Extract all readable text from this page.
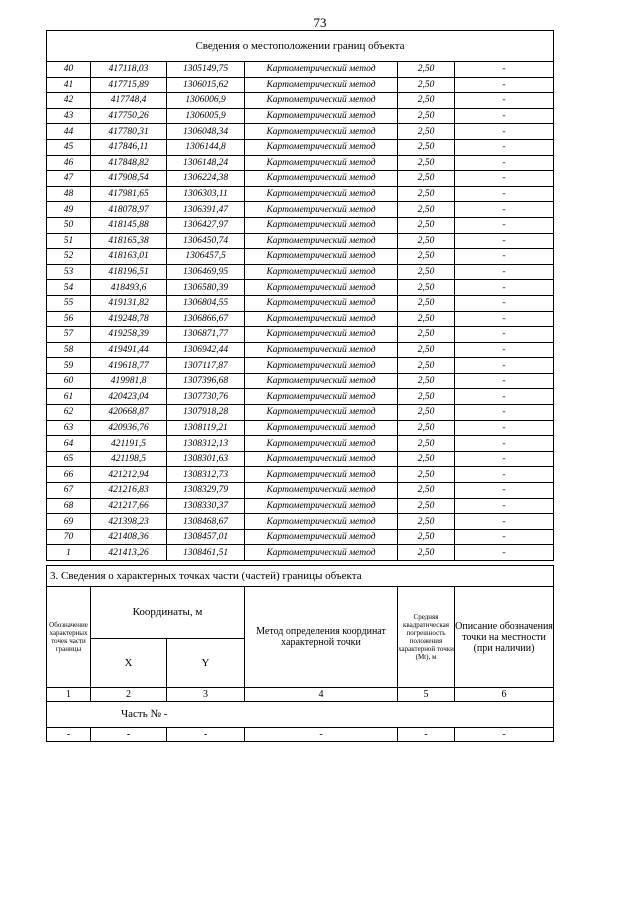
73
Сведения о местоположении границ объекта					
40	417118,03	1305149,75	Картометрический метод	2,50	-
41	417715,89	1306015,62	Картометрический метод	2,50	-
42	417748,4	1306006,9	Картометрический метод	2,50	-
43	417750,26	1306005,9	Картометрический метод	2,50	-
44	417780,31	1306048,34	Картометрический метод	2,50	-
45	417846,11	1306144,8	Картометрический метод	2,50	-
46	417848,82	1306148,24	Картометрический метод	2,50	-
47	417908,54	1306224,38	Картометрический метод	2,50	-
48	417981,65	1306303,11	Картометрический метод	2,50	-
49	418078,97	1306391,47	Картометрический метод	2,50	-
50	418145,88	1306427,97	Картометрический метод	2,50	-
51	418165,38	1306450,74	Картометрический метод	2,50	-
52	418163,01	1306457,5	Картометрический метод	2,50	-
53	418196,51	1306469,95	Картометрический метод	2,50	-
54	418493,6	1306580,39	Картометрический метод	2,50	-
55	419131,82	1306804,55	Картометрический метод	2,50	-
56	419248,78	1306866,67	Картометрический метод	2,50	-
57	419258,39	1306871,77	Картометрический метод	2,50	-
58	419491,44	1306942,44	Картометрический метод	2,50	-
59	419618,77	1307117,87	Картометрический метод	2,50	-
60	419981,8	1307396,68	Картометрический метод	2,50	-
61	420423,04	1307730,76	Картометрический метод	2,50	-
62	420668,87	1307918,28	Картометрический метод	2,50	-
63	420936,76	1308119,21	Картометрический метод	2,50	-
64	421191,5	1308312,13	Картометрический метод	2,50	-
65	421198,5	1308301,63	Картометрический метод	2,50	-
66	421212,94	1308312,73	Картометрический метод	2,50	-
67	421216,83	1308329,79	Картометрический метод	2,50	-
68	421217,66	1308330,37	Картометрический метод	2,50	-
69	421398,23	1308468,67	Картометрический метод	2,50	-
70	421408,36	1308457,01	Картометрический метод	2,50	-
1	421413,26	1308461,51	Картометрический метод	2,50	-
3. Сведения о характерных точках части (частей) границы объекта					
Обозначение характерных точек части границы	Координаты, м		Метод определения координат характерной точки	Средняя квадратическая погрешность положения характерной точки (Mt), м	Описание обозначения точки на местности (при наличии)
	X	Y			
1	2	3	4	5	6
Часть № -					
-	-	-	-	-	-
